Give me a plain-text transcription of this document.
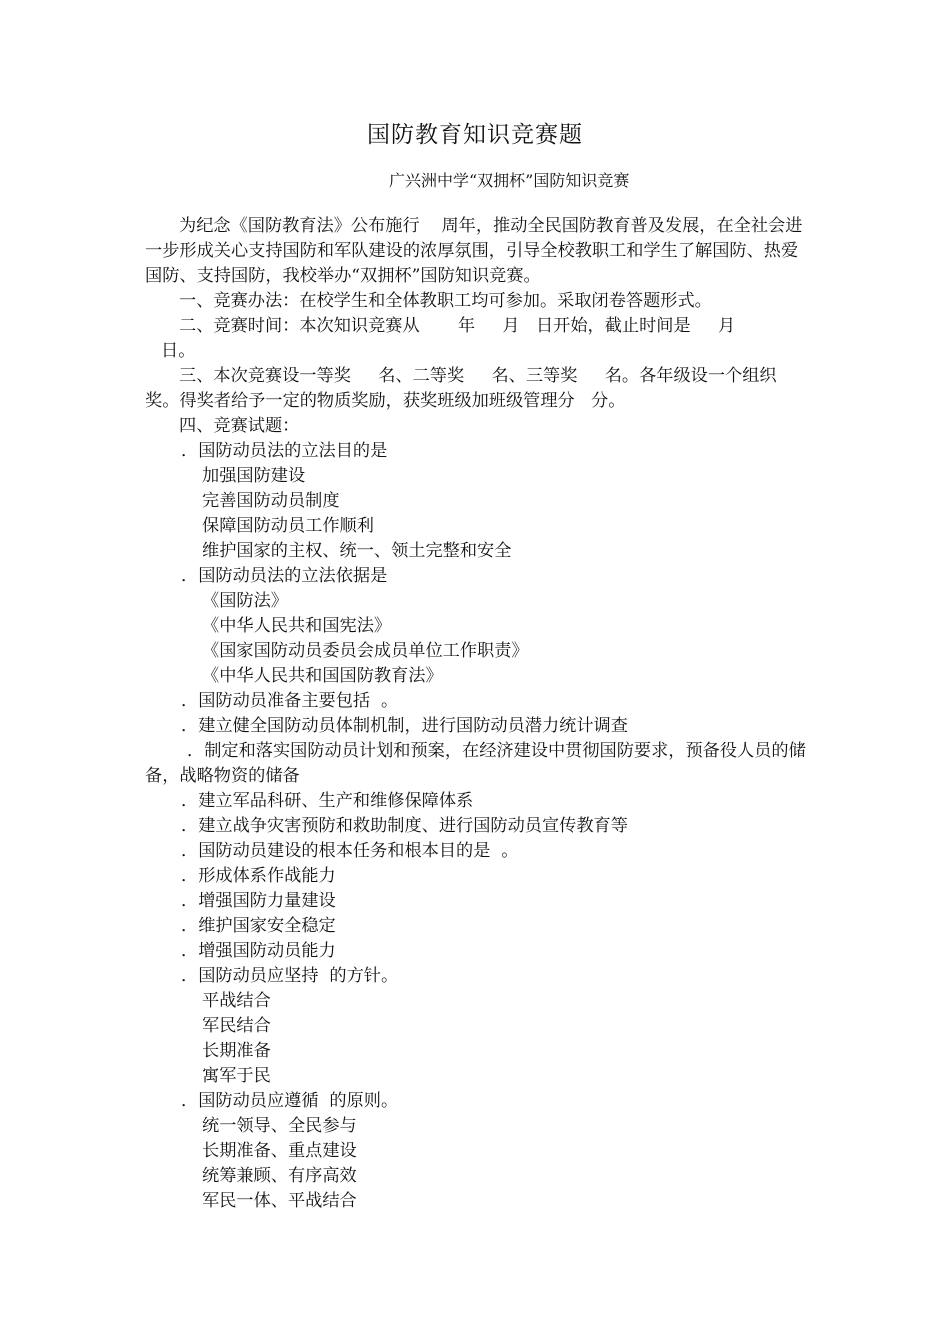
国防教育知识竞赛题
广兴洲中学“双拥杯”国防知识竞赛

为纪念《国防教育法》公布施行    周年，推动全民国防教育普及发展，在全社会进一步形成关心支持国防和军队建设的浓厚氛围，引导全校教职工和学生了解国防、热爱国防、支持国防，我校举办“双拥杯”国防知识竞赛。

一、竞赛办法：在校学生和全体教职工均可参加。采取闭卷答题形式。

二、竞赛时间：本次知识竞赛从       年     月   日开始，截止时间是     月

日。

三、本次竞赛设一等奖     名、二等奖     名、三等奖     名。各年级设一个组织奖。得奖者给予一定的物质奖励，获奖班级加班级管理分   分。

四、竞赛试题：

．国防动员法的立法目的是

加强国防建设

完善国防动员制度

保障国防动员工作顺利

维护国家的主权、统一、领土完整和安全

．国防动员法的立法依据是

《国防法》

《中华人民共和国宪法》

《国家国防动员委员会成员单位工作职责》

《中华人民共和国国防教育法》

．国防动员准备主要包括  。

．建立健全国防动员体制机制，进行国防动员潜力统计调查

．制定和落实国防动员计划和预案，在经济建设中贯彻国防要求，预备役人员的储备，战略物资的储备

．建立军品科研、生产和维修保障体系

．建立战争灾害预防和救助制度、进行国防动员宣传教育等

．国防动员建设的根本任务和根本目的是  。

．形成体系作战能力

．增强国防力量建设

．维护国家安全稳定

．增强国防动员能力

．国防动员应坚持  的方针。

平战结合

军民结合

长期准备

寓军于民

．国防动员应遵循  的原则。

统一领导、全民参与

长期准备、重点建设

统筹兼顾、有序高效

军民一体、平战结合
